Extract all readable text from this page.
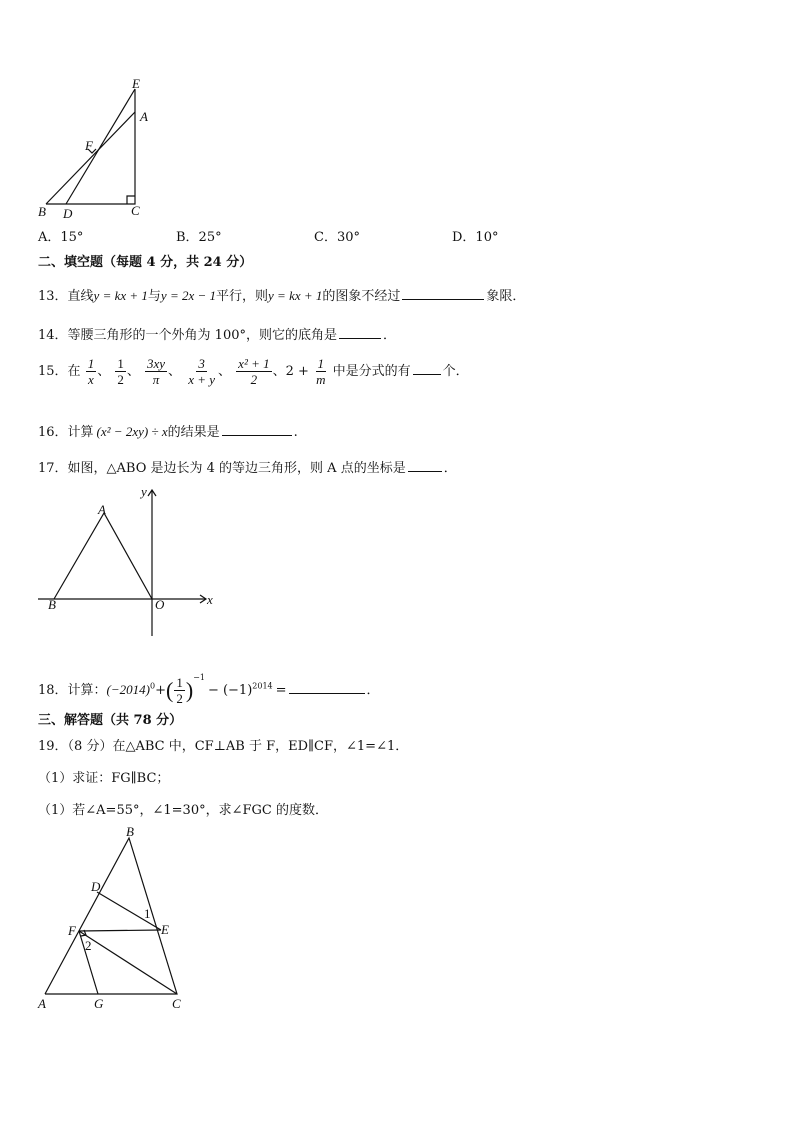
E
A
F
B D	C
A．15°	B．25°	C．30°	D．10°
二、填空题（每题 4 分，共 24 分）
13．直线y = kx + 1与y = 2x − 1平行，则y = kx + 1的图象不经过	象限．
14．等腰三角形的一个外角为 100°，则它的底角是	．
15．在 $\frac{1}{x}$ 、 $\frac{1}{2}$ 、 $\frac{3xy}{\pi}$ 、 $\frac{3}{x + y}$ 、 $\frac{\text{x² + 1}}{2}$ 、$2 + \frac{1}{m}$ 中是分式的有 个．
16．计算 (x² − 2xy) ÷ x的结果是	.
17．如图，△ABO 是边长为 4 的等边三角形，则 A 点的坐标是	．
y
A
B	O	x
18．计算：$(-2014)^0+( \frac{1}{2} )^{-1}- (-1)^{2014}$ =	．
三、解答题（共 78 分）
19．（8 分）在△ABC 中，CF⊥AB 于 F，ED∥CF，∠1=∠1．
（1）求证：FG∥BC；
（1）若∠A=55°，∠1=30°，求∠FGC 的度数．
B
D
1
E
F
2
A	G	C
